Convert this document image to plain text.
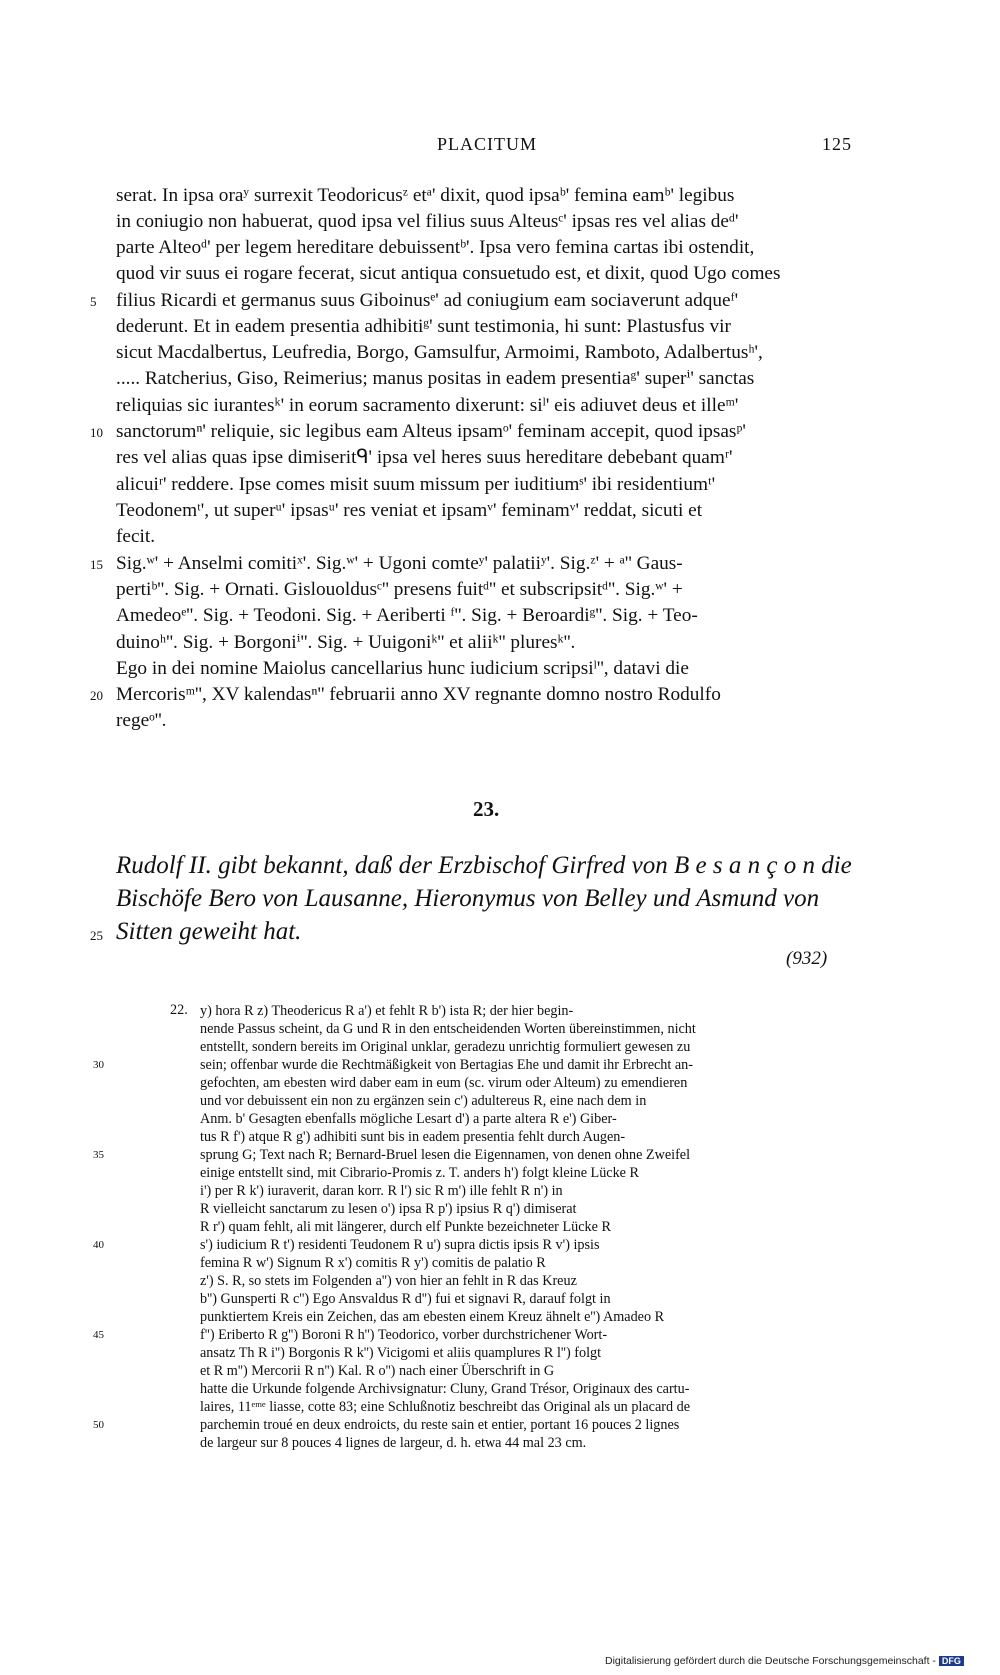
PLACITUM	125
serat. In ipsa oraʸ surrexit Teodoricusᶻ etᵃ' dixit, quod ipsaᵇ' femina eamᵇ' legibus
in coniugio non habuerat, quod ipsa vel filius suus Alteusᶜ' ipsas res vel alias deᵈ'
parte Alteoᵈ' per legem hereditare debuissentᵇ'. Ipsa vero femina cartas ibi ostendit,
quod vir suus ei rogare fecerat, sicut antiqua consuetudo est, et dixit, quod Ugo comes
filius Ricardi et germanus suus Giboinusᵉ' ad coniugium eam sociaverunt adqueᶠ'
dederunt. Et in eadem presentia adhibitiᵍ' sunt testimonia, hi sunt: Plastusfus vir
sicut Macdalbertus, Leufredia, Borgo, Gamsulfur, Armoimi, Ramboto, Adalbertusʰ',
..... Ratcherius, Giso, Reimerius; manus positas in eadem presentiaᵍ' superⁱ' sanctas
reliquias sic iurantesᵏ' in eorum sacramento dixerunt: siˡ' eis adiuvet deus et illeᵐ'
sanctorumⁿ' reliquie, sic legibus eam Alteus ipsamᵒ' feminam accepit, quod ipsasᵖ'
res vel alias quas ipse dimiseritᑫ' ipsa vel heres suus hereditare debebant quamʳ'
alicuiʳ' reddere. Ipse comes misit suum missum per iuditiumˢ' ibi residentiumᵗ'
Teodonemᵗ', ut superᵘ' ipsasᵘ' res veniat et ipsamᵛ' feminamᵛ' reddat, sicuti et
fecit.
Sig.ʷ' + Anselmi comitiˣ'. Sig.ʷ' + Ugoni comteʸ' palatiiʸ'. Sig.ᶻ' + ᵃ'' Gaus-
pertiᵇ''. Sig. + Ornati. Gislouoldusᶜ'' presens fuitᵈ'' et subscripsitᵈ''. Sig.ʷ' +
Amedeoᵉ''. Sig. + Teodoni. Sig. + Aeriberti ᶠ''. Sig. + Beroardiᵍ''. Sig. + Teo-
duinoʰ''. Sig. + Borgoniⁱ''. Sig. + Uuigoniᵏ'' et aliiᵏ'' pluresᵏ''.
Ego in dei nomine Maiolus cancellarius hunc iudicium scripsiˡ'', datavi die
Mercorisᵐ'', XV kalendasⁿ'' februarii anno XV regnante domno nostro Rodulfo
regeᵒ''.
5
10
15
20
23.
Rudolf II. gibt bekannt, daß der Erzbischof Girfred von B e s a n ç o n die
Bischöfe Bero von Lausanne, Hieronymus von Belley und Asmund von
Sitten geweiht hat.
25
(932)
22. y) hora R z) Theodericus R a') et fehlt R b') ista R; der hier begin-
nende Passus scheint, da G und R in den entscheidenden Worten übereinstimmen, nicht
entstellt, sondern bereits im Original unklar, geradezu unrichtig formuliert gewesen zu
sein; offenbar wurde die Rechtmäßigkeit von Bertagias Ehe und damit ihr Erbrecht an-
gefochten, am ebesten wird daber eam in eum (sc. virum oder Alteum) zu emendieren
und vor debuissent ein non zu ergänzen sein c') adultereus R, eine nach dem in
Anm. b' Gesagten ebenfalls mögliche Lesart d') a parte altera R e') Giber-
tus R f') atque R g') adhibiti sunt bis in eadem presentia fehlt durch Augen-
sprung G; Text nach R; Bernard-Bruel lesen die Eigennamen, von denen ohne Zweifel
einige entstellt sind, mit Cibrario-Promis z. T. anders h') folgt kleine Lücke R
i') per R k') iuraverit, daran korr. R l') sic R m') ille fehlt R n') in
R vielleicht sanctarum zu lesen o') ipsa R p') ipsius R q') dimiserat
R r') quam fehlt, ali mit längerer, durch elf Punkte bezeichneter Lücke R
s') iudicium R t') residenti Teudonem R u') supra dictis ipsis R v') ipsis
femina R w') Signum R x') comitis R y') comitis de palatio R
z') S. R, so stets im Folgenden a'') von hier an fehlt in R das Kreuz
b'') Gunsperti R c'') Ego Ansvaldus R d'') fui et signavi R, darauf folgt in
punktiertem Kreis ein Zeichen, das am ebesten einem Kreuz ähnelt e'') Amadeo R
f'') Eriberto R g'') Boroni R h'') Teodorico, vorber durchstrichener Wort-
ansatz Th R i'') Borgonis R k'') Vicigomi et aliis quamplures R l'') folgt
et R m'') Mercorii R n'') Kal. R o'') nach einer Überschrift in G
hatte die Urkunde folgende Archivsignatur: Cluny, Grand Trésor, Originaux des cartu-
laires, 11ᵉᵐᵉ liasse, cotte 83; eine Schlußnotiz beschreibt das Original als un placard de
parchemin troué en deux endroicts, du reste sain et entier, portant 16 pouces 2 lignes
de largeur sur 8 pouces 4 lignes de largeur, d. h. etwa 44 mal 23 cm.
30
35
40
45
50
Digitalisierung gefördert durch die Deutsche Forschungsgemeinschaft - DFG
